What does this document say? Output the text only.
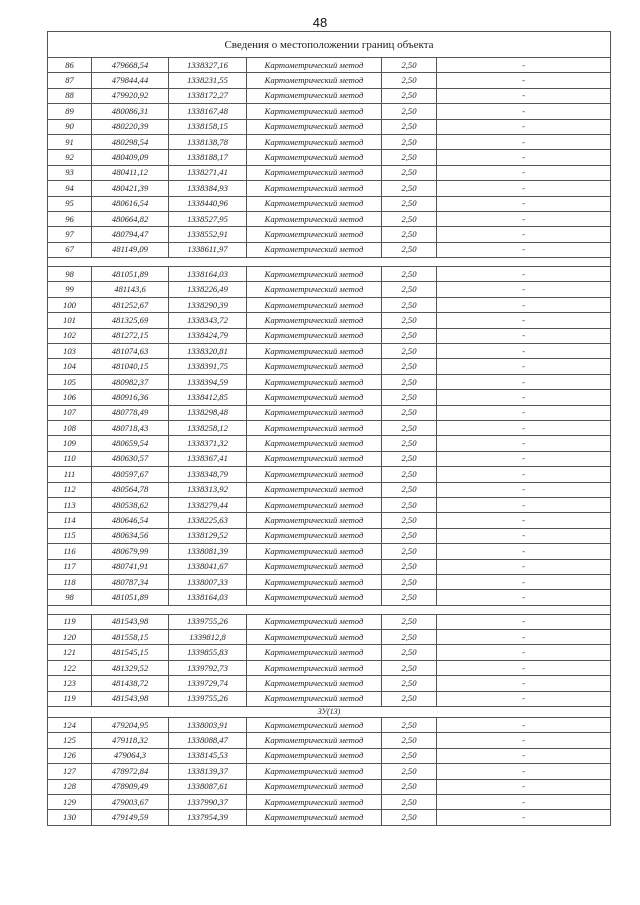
48
Сведения о местоположении границ объекта					
86	479668,54	1338327,16	Картометрический метод	2,50	-
87	479844,44	1338231,55	Картометрический метод	2,50	-
88	479920,92	1338172,27	Картометрический метод	2,50	-
89	480086,31	1338167,48	Картометрический метод	2,50	-
90	480220,39	1338158,15	Картометрический метод	2,50	-
91	480298,54	1338138,78	Картометрический метод	2,50	-
92	480409,09	1338188,17	Картометрический метод	2,50	-
93	480411,12	1338271,41	Картометрический метод	2,50	-
94	480421,39	1338384,93	Картометрический метод	2,50	-
95	480616,54	1338440,96	Картометрический метод	2,50	-
96	480664,82	1338527,95	Картометрический метод	2,50	-
97	480794,47	1338552,91	Картометрический метод	2,50	-
67	481149,09	1338611,97	Картометрический метод	2,50	-

98	481051,89	1338164,03	Картометрический метод	2,50	-
99	481143,6	1338226,49	Картометрический метод	2,50	-
100	481252,67	1338290,39	Картометрический метод	2,50	-
101	481325,69	1338343,72	Картометрический метод	2,50	-
102	481272,15	1338424,79	Картометрический метод	2,50	-
103	481074,63	1338320,81	Картометрический метод	2,50	-
104	481040,15	1338391,75	Картометрический метод	2,50	-
105	480982,37	1338394,59	Картометрический метод	2,50	-
106	480916,36	1338412,85	Картометрический метод	2,50	-
107	480778,49	1338298,48	Картометрический метод	2,50	-
108	480718,43	1338258,12	Картометрический метод	2,50	-
109	480659,54	1338371,32	Картометрический метод	2,50	-
110	480630,57	1338367,41	Картометрический метод	2,50	-
111	480597,67	1338348,79	Картометрический метод	2,50	-
112	480564,78	1338313,92	Картометрический метод	2,50	-
113	480538,62	1338279,44	Картометрический метод	2,50	-
114	480646,54	1338225,63	Картометрический метод	2,50	-
115	480634,56	1338129,52	Картометрический метод	2,50	-
116	480679,99	1338081,39	Картометрический метод	2,50	-
117	480741,91	1338041,67	Картометрический метод	2,50	-
118	480787,34	1338007,33	Картометрический метод	2,50	-
98	481051,89	1338164,03	Картометрический метод	2,50	-

119	481543,98	1339755,26	Картометрический метод	2,50	-
120	481558,15	1339812,8	Картометрический метод	2,50	-
121	481545,15	1339855,83	Картометрический метод	2,50	-
122	481329,52	1339792,73	Картометрический метод	2,50	-
123	481438,72	1339729,74	Картометрический метод	2,50	-
119	481543,98	1339755,26	Картометрический метод	2,50	-
ЗУ(13)					
124	479204,95	1338003,91	Картометрический метод	2,50	-
125	479118,32	1338088,47	Картометрический метод	2,50	-
126	479064,3	1338145,53	Картометрический метод	2,50	-
127	478972,84	1338139,37	Картометрический метод	2,50	-
128	478909,49	1338087,61	Картометрический метод	2,50	-
129	479003,67	1337990,37	Картометрический метод	2,50	-
130	479149,59	1337954,39	Картометрический метод	2,50	-
